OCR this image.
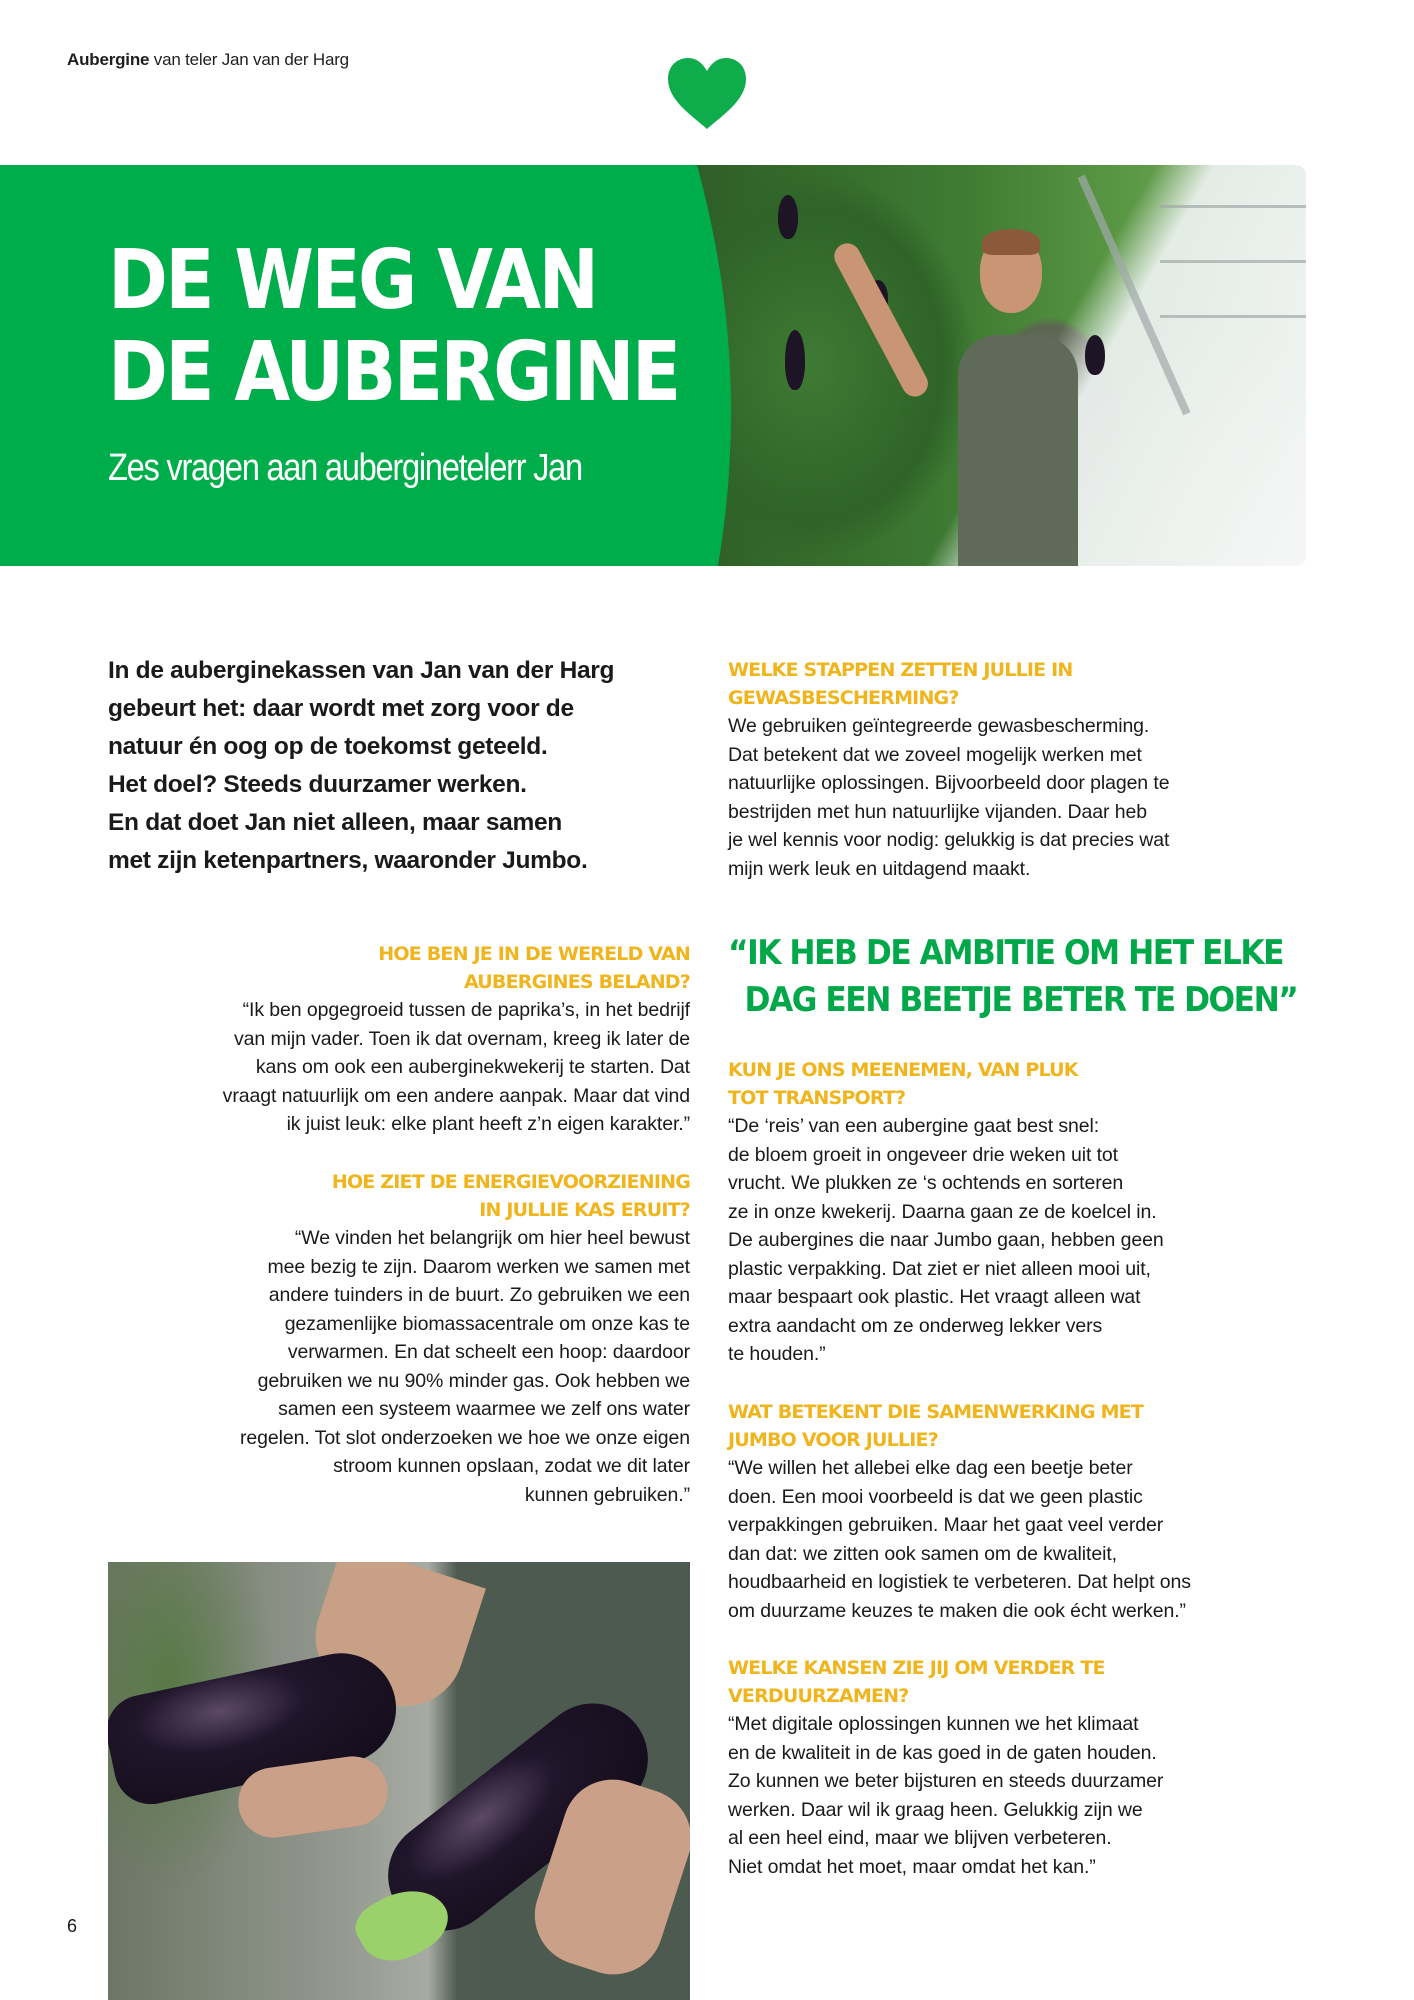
Aubergine van teler Jan van der Harg
DE WEG VAN
DE AUBERGINE
Zes vragen aan auberginetelerr Jan
In de auberginekassen van Jan van der Harg
gebeurt het: daar wordt met zorg voor de
natuur én oog op de toekomst geteeld.
Het doel? Steeds duurzamer werken.
En dat doet Jan niet alleen, maar samen
met zijn ketenpartners, waaronder Jumbo.
HOE BEN JE IN DE WERELD VAN
AUBERGINES BELAND?
“Ik ben opgegroeid tussen de paprika’s, in het bedrijf
van mijn vader. Toen ik dat overnam, kreeg ik later de
kans om ook een auberginekwekerij te starten. Dat
vraagt natuurlijk om een andere aanpak. Maar dat vind
ik juist leuk: elke plant heeft z’n eigen karakter.”
HOE ZIET DE ENERGIEVOORZIENING
IN JULLIE KAS ERUIT?
“We vinden het belangrijk om hier heel bewust
mee bezig te zijn. Daarom werken we samen met
andere tuinders in de buurt. Zo gebruiken we een
gezamenlijke biomassacentrale om onze kas te
verwarmen. En dat scheelt een hoop: daardoor
gebruiken we nu 90% minder gas. Ook hebben we
samen een systeem waarmee we zelf ons water
regelen. Tot slot onderzoeken we hoe we onze eigen
stroom kunnen opslaan, zodat we dit later
kunnen gebruiken.”
WELKE STAPPEN ZETTEN JULLIE IN
GEWASBESCHERMING?
We gebruiken geïntegreerde gewasbescherming.
Dat betekent dat we zoveel mogelijk werken met
natuurlijke oplossingen. Bijvoorbeeld door plagen te
bestrijden met hun natuurlijke vijanden. Daar heb
je wel kennis voor nodig: gelukkig is dat precies wat
mijn werk leuk en uitdagend maakt.
“IK HEB DE AMBITIE OM HET ELKE
DAG EEN BEETJE BETER TE DOEN”
KUN JE ONS MEENEMEN, VAN PLUK
TOT TRANSPORT?
“De ‘reis’ van een aubergine gaat best snel:
de bloem groeit in ongeveer drie weken uit tot
vrucht. We plukken ze ‘s ochtends en sorteren
ze in onze kwekerij. Daarna gaan ze de koelcel in.
De aubergines die naar Jumbo gaan, hebben geen
plastic verpakking. Dat ziet er niet alleen mooi uit,
maar bespaart ook plastic. Het vraagt alleen wat
extra aandacht om ze onderweg lekker vers
te houden.”
WAT BETEKENT DIE SAMENWERKING MET
JUMBO VOOR JULLIE?
“We willen het allebei elke dag een beetje beter
doen. Een mooi voorbeeld is dat we geen plastic
verpakkingen gebruiken. Maar het gaat veel verder
dan dat: we zitten ook samen om de kwaliteit,
houdbaarheid en logistiek te verbeteren. Dat helpt ons
om duurzame keuzes te maken die ook écht werken.”
WELKE KANSEN ZIE JIJ OM VERDER TE
VERDUURZAMEN?
“Met digitale oplossingen kunnen we het klimaat
en de kwaliteit in de kas goed in de gaten houden.
Zo kunnen we beter bijsturen en steeds duurzamer
werken. Daar wil ik graag heen. Gelukkig zijn we
al een heel eind, maar we blijven verbeteren.
Niet omdat het moet, maar omdat het kan.”
6
